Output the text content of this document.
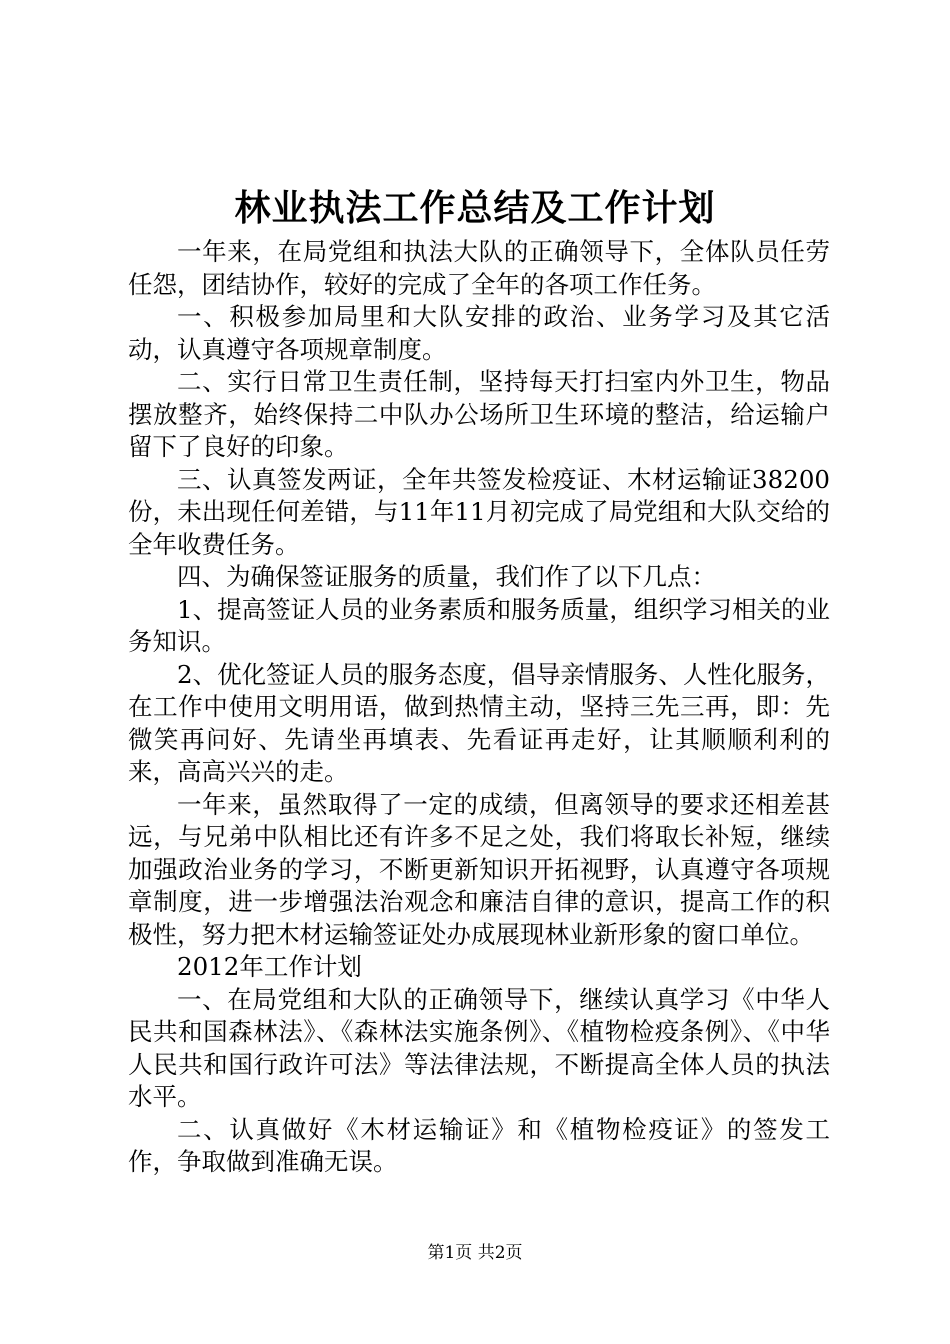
林业执法工作总结及工作计划

一年来，在局党组和执法大队的正确领导下，全体队员任劳任怨，团结协作，较好的完成了全年的各项工作任务。

一、积极参加局里和大队安排的政治、业务学习及其它活动，认真遵守各项规章制度。

二、实行日常卫生责任制，坚持每天打扫室内外卫生，物品摆放整齐，始终保持二中队办公场所卫生环境的整洁，给运输户留下了良好的印象。

三、认真签发两证，全年共签发检疫证、木材运输证38200份，未出现任何差错，与11年11月初完成了局党组和大队交给的全年收费任务。

四、为确保签证服务的质量，我们作了以下几点：

1、提高签证人员的业务素质和服务质量，组织学习相关的业务知识。

2、优化签证人员的服务态度，倡导亲情服务、人性化服务，在工作中使用文明用语，做到热情主动，坚持三先三再，即：先微笑再问好、先请坐再填表、先看证再走好，让其顺顺利利的来，高高兴兴的走。

一年来，虽然取得了一定的成绩，但离领导的要求还相差甚远，与兄弟中队相比还有许多不足之处，我们将取长补短，继续加强政治业务的学习，不断更新知识开拓视野，认真遵守各项规章制度，进一步增强法治观念和廉洁自律的意识，提高工作的积极性，努力把木材运输签证处办成展现林业新形象的窗口单位。

2012年工作计划

一、在局党组和大队的正确领导下，继续认真学习《中华人民共和国森林法》、《森林法实施条例》、《植物检疫条例》、《中华人民共和国行政许可法》等法律法规，不断提高全体人员的执法水平。

二、认真做好《木材运输证》和《植物检疫证》的签发工作，争取做到准确无误。

第1页 共2页
